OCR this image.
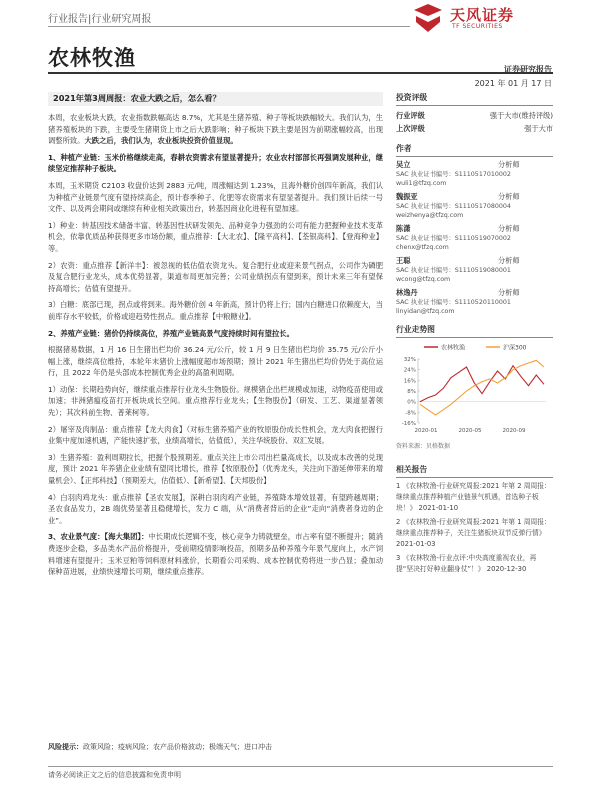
行业报告|行业研究周报	天风证券
TF SECURITIES
农林牧渔	证券研究报告
2021 年 01 月 17 日
2021年第3周周报：农业大跌之后，怎么看？

本周，农业板块大跌，农业指数跌幅高达 8.7%，尤其是生猪养殖、种子等板块跌幅较大。我们认为，生猪养殖板块的下跌，主要受生猪期货上市之后大跌影响；种子板块下跌主要是因为前期涨幅较高，出现调整所致。大跌之后，我们认为，农业板块投资价值显现。

1、种植产业链：玉米价格继续走高，春耕农资需求有望显著提升；农业农村部部长再强调发展种业，继续坚定推荐种子板块。

本周，玉米期货 C2103 收盘价达到 2883 元/吨，周涨幅达到 1.23%，且海外糖价创四年新高，我们认为种植产业链景气度有望持续高企，预计春季种子、化肥等农资需求有望显著提升。我们预计后续一号文件、以及两会期间或继续有种业相关政策出台，转基因商业化进程有望加速。

1）种业：转基因技术储备丰富、转基因性状研发领先、品种竞争力强劲的公司有能力把握种业技术变革机会，依靠优质品种获得更多市场份额，重点推荐：【大北农】、【隆平高科】、【荃银高科】、【登海种业】等。

2）农资：重点推荐【新洋丰】：被忽视的低估值农资龙头。复合肥行业或迎来景气拐点，公司作为磷肥及复合肥行业龙头，成本优势显著，渠道布局更加完善；公司业绩拐点有望到来，预计未来三年有望保持高增长；估值有望提升。

3）白糖：底部已现，拐点或将到来。海外糖价创 4 年新高，预计仍将上行；国内白糖进口依赖度大，当前库存水平较低，价格或迎趋势性拐点。重点推荐【中粮糖业】。

2、养殖产业链：猪价仍持续高位，养殖产业链高景气度持续时间有望拉长。

根据猪易数据，1 月 16 日生猪出栏均价 36.24 元/公斤，较 1 月 9 日生猪出栏均价 35.75 元/公斤小幅上涨，继续高位维持，本轮年末猪价上涨幅度超市场预期；预计 2021 年生猪出栏均价仍处于高位运行，且 2022 年仍是头部成本控制优秀企业的高盈利周期。

1）动保：长期趋势向好，继续重点推荐行业龙头生物股份。规模猪企出栏规模或加速，动物疫苗使用或加速；非洲猪瘟疫苗打开板块成长空间。重点推荐行业龙头；【生物股份】（研发、工艺、渠道显著领先）；其次科前生物、普莱柯等。

2）屠宰及肉制品：重点推荐【龙大肉食】（对标生猪养殖产业的牧原股份成长性机会，龙大肉食把握行业集中度加速机遇，产能快速扩张，业绩高增长，估值低），关注华统股份、双汇发展。

3）生猪养殖：盈利周期拉长，把握个股预期差。重点关注上市公司出栏量高成长，以及成本改善的兑现度，预计 2021 年养猪企业业绩有望同比增长，推荐【牧原股份】（优秀龙头，关注向下游延伸带来的增量机会）、【正邦科技】（预期差大，估值低）、【新希望】、【天邦股份】

4）白羽肉鸡龙头：重点推荐【圣农发展】，深耕白羽肉鸡产业链，养殖降本增效显著，有望跨越周期；圣农食品发力，2B 端优势显著且稳健增长，发力 C 端，从“消费者背后的企业”走向“消费者身边的企业”。

3、农业景气度：【海大集团】：中长期成长逻辑不变，核心竞争力铸就壁垒，市占率有望不断提升；随消费逐步企稳，多品类水产品价格提升，受前期疫情影响投苗，预期多品种养殖今年景气度向上，水产饲料增速有望提升；玉米豆粕等饲料原材料涨价，长期看公司采购、成本控制优势将进一步凸显；叠加动保种苗进展，业绩快速增长可期，继续重点推荐。

投资评级
行业评级	强于大市(维持评级)
上次评级	强于大市
作者
吴立	分析师
SAC 执业证书编号：S1110517010002
wuli1@tfzq.com
魏振亚	分析师
SAC 执业证书编号：S1110517080004
weizhenya@tfzq.com
陈潇	分析师
SAC 执业证书编号：S1110519070002
chenx@tfzq.com
王聪	分析师
SAC 执业证书编号：S1110519080001
wcong@tfzq.com
林逸丹	分析师
SAC 执业证书编号：S1110520110001
linyidan@tfzq.com
行业走势图
农林牧渔	沪深300
32%
24%
16%
8%
0%
-8%
-16%
2020-01	2020-05	2020-09
资料来源：贝格数据
相关报告

1 《农林牧渔-行业研究周报:2021 年第 2 周周报：继续重点推荐种植产业链景气机遇，首选种子板块！》 2021-01-10

2 《农林牧渔-行业研究周报:2021 年第 1 周周报：继续重点推荐种子，关注生猪板块双节反弹行情》 2021-01-03

3 《农林牧渔-行业点评:中央高度重视农业，再提“坚决打好种业翻身仗”！》 2020-12-30

风险提示：政策风险；疫病风险；农产品价格波动；极端天气；进口冲击
请务必阅读正文之后的信息披露和免责申明
